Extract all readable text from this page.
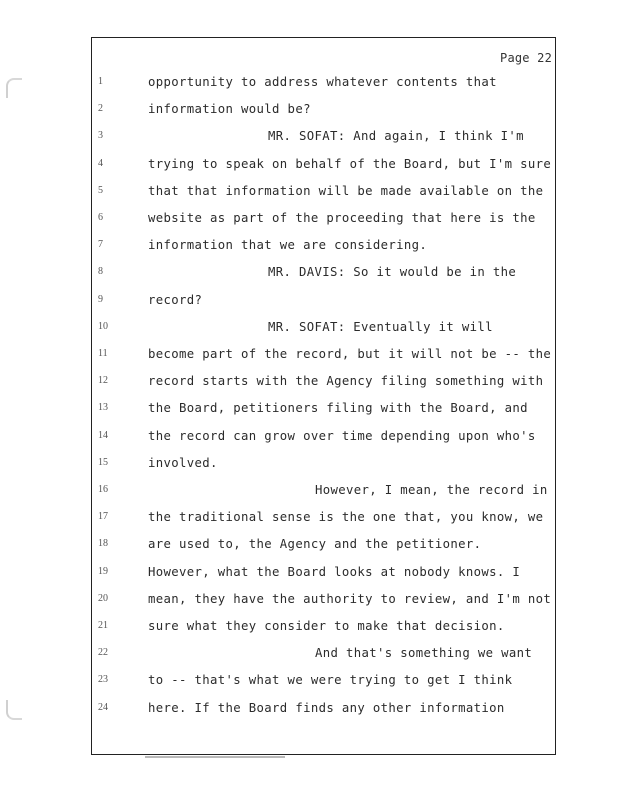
Page 22
1	opportunity to address whatever contents that
2	information would be?
3	MR. SOFAT: And again, I think I'm
4	trying to speak on behalf of the Board, but I'm sure
5	that that information will be made available on the
6	website as part of the proceeding that here is the
7	information that we are considering.
8	MR. DAVIS: So it would be in the
9	record?
10	MR. SOFAT: Eventually it will
11	become part of the record, but it will not be -- the
12	record starts with the Agency filing something with
13	the Board, petitioners filing with the Board, and
14	the record can grow over time depending upon who's
15	involved.
16	However, I mean, the record in
17	the traditional sense is the one that, you know, we
18	are used to, the Agency and the petitioner.
19	However, what the Board looks at nobody knows. I
20	mean, they have the authority to review, and I'm not
21	sure what they consider to make that decision.
22	And that's something we want
23	to -- that's what we were trying to get I think
24	here. If the Board finds any other information
